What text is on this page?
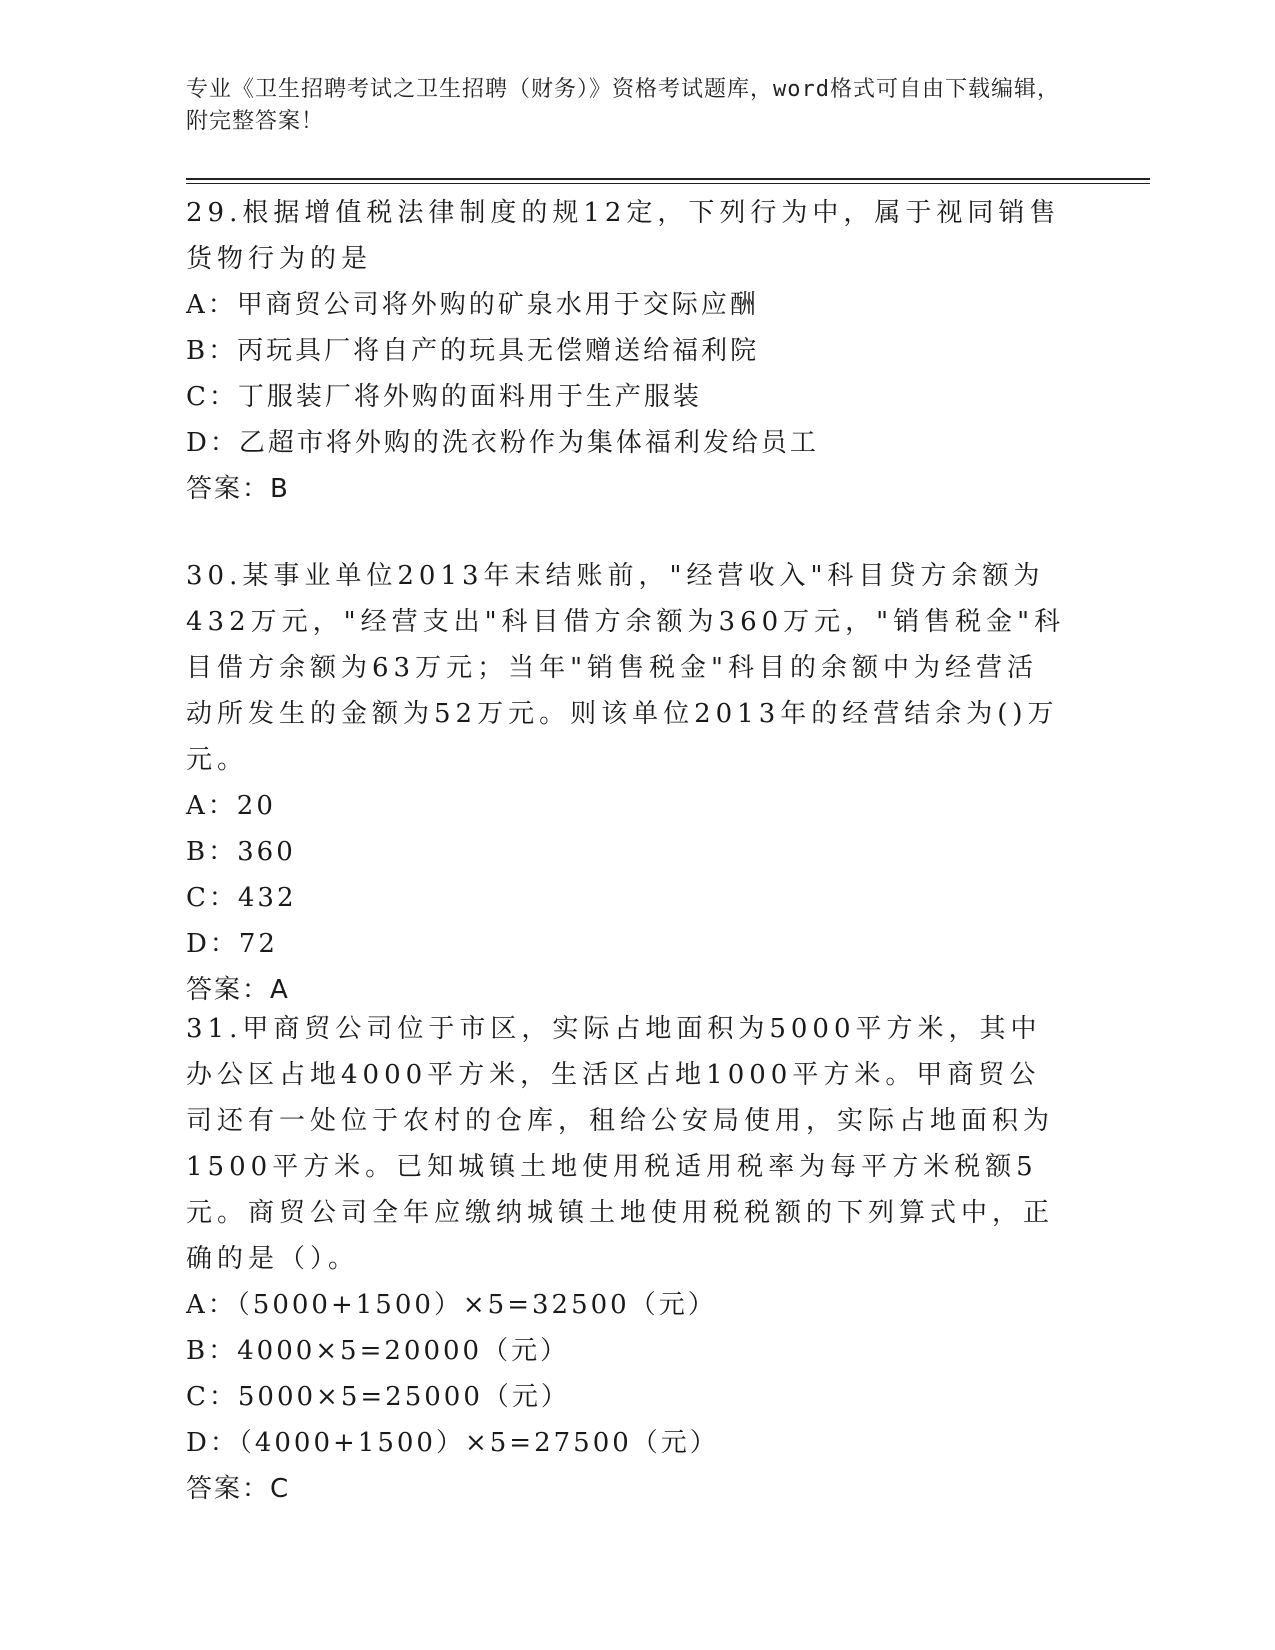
专业《卫生招聘考试之卫生招聘（财务）》资格考试题库，word格式可自由下载编辑，附完整答案！

29.根据增值税法律制度的规12定，下列行为中，属于视同销售货物行为的是

A：甲商贸公司将外购的矿泉水用于交际应酬

B：丙玩具厂将自产的玩具无偿赠送给福利院

C：丁服装厂将外购的面料用于生产服装

D：乙超市将外购的洗衣粉作为集体福利发给员工

答案：B

30.某事业单位2013年末结账前，"经营收入"科目贷方余额为432万元，"经营支出"科目借方余额为360万元，"销售税金"科目借方余额为63万元；当年"销售税金"科目的余额中为经营活动所发生的金额为52万元。则该单位2013年的经营结余为()万元。

A：20

B：360

C：432

D：72

答案：A

31.甲商贸公司位于市区，实际占地面积为5000平方米，其中办公区占地4000平方米，生活区占地1000平方米。甲商贸公司还有一处位于农村的仓库，租给公安局使用，实际占地面积为1500平方米。已知城镇土地使用税适用税率为每平方米税额5元。商贸公司全年应缴纳城镇土地使用税税额的下列算式中，正确的是（）。

A：（5000+1500）×5=32500（元）

B：4000×5=20000（元）

C：5000×5=25000（元）

D：（4000+1500）×5=27500（元）

答案：C
